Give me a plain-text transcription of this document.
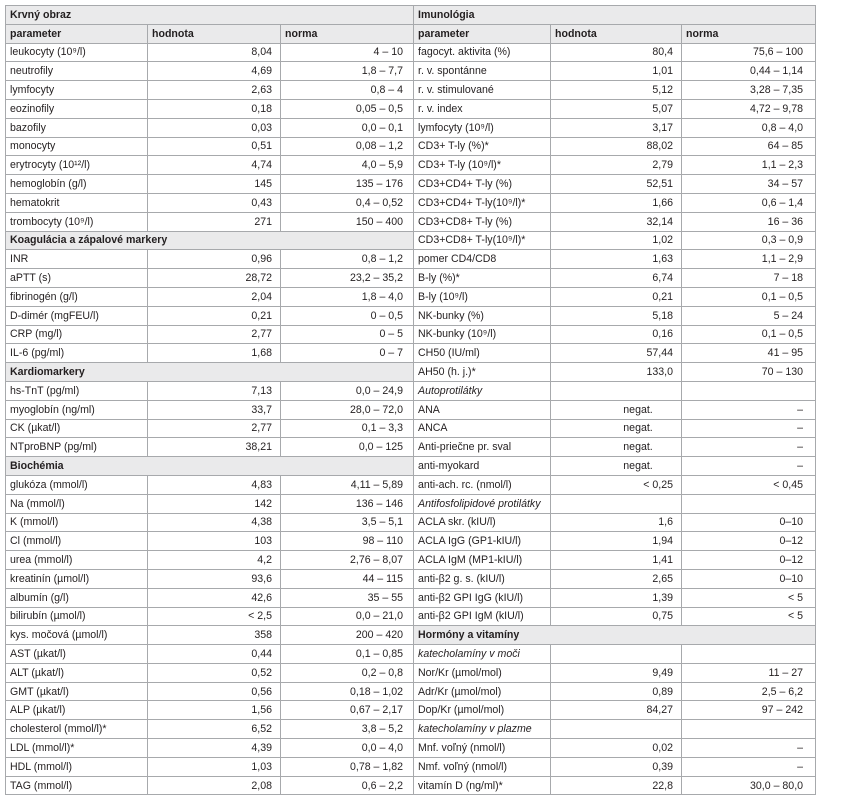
Krvný obraz			Imunológia		
parameter	hodnota	norma	parameter	hodnota	norma
leukocyty (10⁹/l)	8,04	4 – 10	fagocyt. aktivita (%)	80,4	75,6 – 100
neutrofily	4,69	1,8 – 7,7	r. v. spontánne	1,01	0,44 – 1,14
lymfocyty	2,63	0,8 – 4	r. v. stimulované	5,12	3,28 – 7,35
eozinofily	0,18	0,05 – 0,5	r. v. index	5,07	4,72 – 9,78
bazofily	0,03	0,0 – 0,1	lymfocyty (10⁹/l)	3,17	0,8 – 4,0
monocyty	0,51	0,08 – 1,2	CD3+ T-ly (%)*	88,02	64 – 85
erytrocyty (10¹²/l)	4,74	4,0 – 5,9	CD3+ T-ly (10⁹/l)*	2,79	1,1 – 2,3
hemoglobín (g/l)	145	135 – 176	CD3+CD4+ T-ly (%)	52,51	34 – 57
hematokrit	0,43	0,4 – 0,52	CD3+CD4+ T-ly(10⁹/l)*	1,66	0,6 – 1,4
trombocyty (10⁹/l)	271	150 – 400	CD3+CD8+ T-ly (%)	32,14	16 – 36
Koagulácia a zápalové markery			CD3+CD8+ T-ly(10⁹/l)*	1,02	0,3 – 0,9
INR	0,96	0,8 – 1,2	pomer CD4/CD8	1,63	1,1 – 2,9
aPTT (s)	28,72	23,2 – 35,2	B-ly (%)*	6,74	7 – 18
fibrinogén (g/l)	2,04	1,8 – 4,0	B-ly (10⁹/l)	0,21	0,1 – 0,5
D-dimér (mgFEU/l)	0,21	0 – 0,5	NK-bunky (%)	5,18	5 – 24
CRP (mg/l)	2,77	0 – 5	NK-bunky (10⁹/l)	0,16	0,1 – 0,5
IL-6 (pg/ml)	1,68	0 – 7	CH50 (IU/ml)	57,44	41 – 95
Kardiomarkery			AH50 (h. j.)*	133,0	70 – 130
hs-TnT (pg/ml)	7,13	0,0 – 24,9	Autoprotilátky		
myoglobín (ng/ml)	33,7	28,0 – 72,0	ANA	negat.	–
CK (µkat/l)	2,77	0,1 – 3,3	ANCA	negat.	–
NTproBNP (pg/ml)	38,21	0,0 – 125	Anti-priečne pr. sval	negat.	–
Biochémia			anti-myokard	negat.	–
glukóza (mmol/l)	4,83	4,11 – 5,89	anti-ach. rc. (nmol/l)	< 0,25	< 0,45
Na (mmol/l)	142	136 – 146	Antifosfolipidové protilátky		
K (mmol/l)	4,38	3,5 – 5,1	ACLA skr. (kIU/l)	1,6	0–10
Cl (mmol/l)	103	98 – 110	ACLA IgG (GP1-kIU/l)	1,94	0–12
urea (mmol/l)	4,2	2,76 – 8,07	ACLA IgM (MP1-kIU/l)	1,41	0–12
kreatinín (µmol/l)	93,6	44 – 115	anti-β2 g. s. (kIU/l)	2,65	0–10
albumín (g/l)	42,6	35 – 55	anti-β2 GPI IgG (kIU/l)	1,39	< 5
bilirubín (µmol/l)	< 2,5	0,0 – 21,0	anti-β2 GPI IgM (kIU/l)	0,75	< 5
kys. močová (µmol/l)	358	200 – 420	Hormóny a vitamíny		
AST (µkat/l)	0,44	0,1 – 0,85	katecholamíny v moči		
ALT (µkat/l)	0,52	0,2 – 0,8	Nor/Kr (µmol/mol)	9,49	11 – 27
GMT (µkat/l)	0,56	0,18 – 1,02	Adr/Kr (µmol/mol)	0,89	2,5 – 6,2
ALP (µkat/l)	1,56	0,67 – 2,17	Dop/Kr (µmol/mol)	84,27	97 – 242
cholesterol (mmol/l)*	6,52	3,8 – 5,2	katecholamíny v plazme		
LDL (mmol/l)*	4,39	0,0 – 4,0	Mnf. voľný (nmol/l)	0,02	–
HDL (mmol/l)	1,03	0,78 – 1,82	Nmf. voľný (nmol/l)	0,39	–
TAG (mmol/l)	2,08	0,6 – 2,2	vitamín D (ng/ml)*	22,8	30,0 – 80,0
